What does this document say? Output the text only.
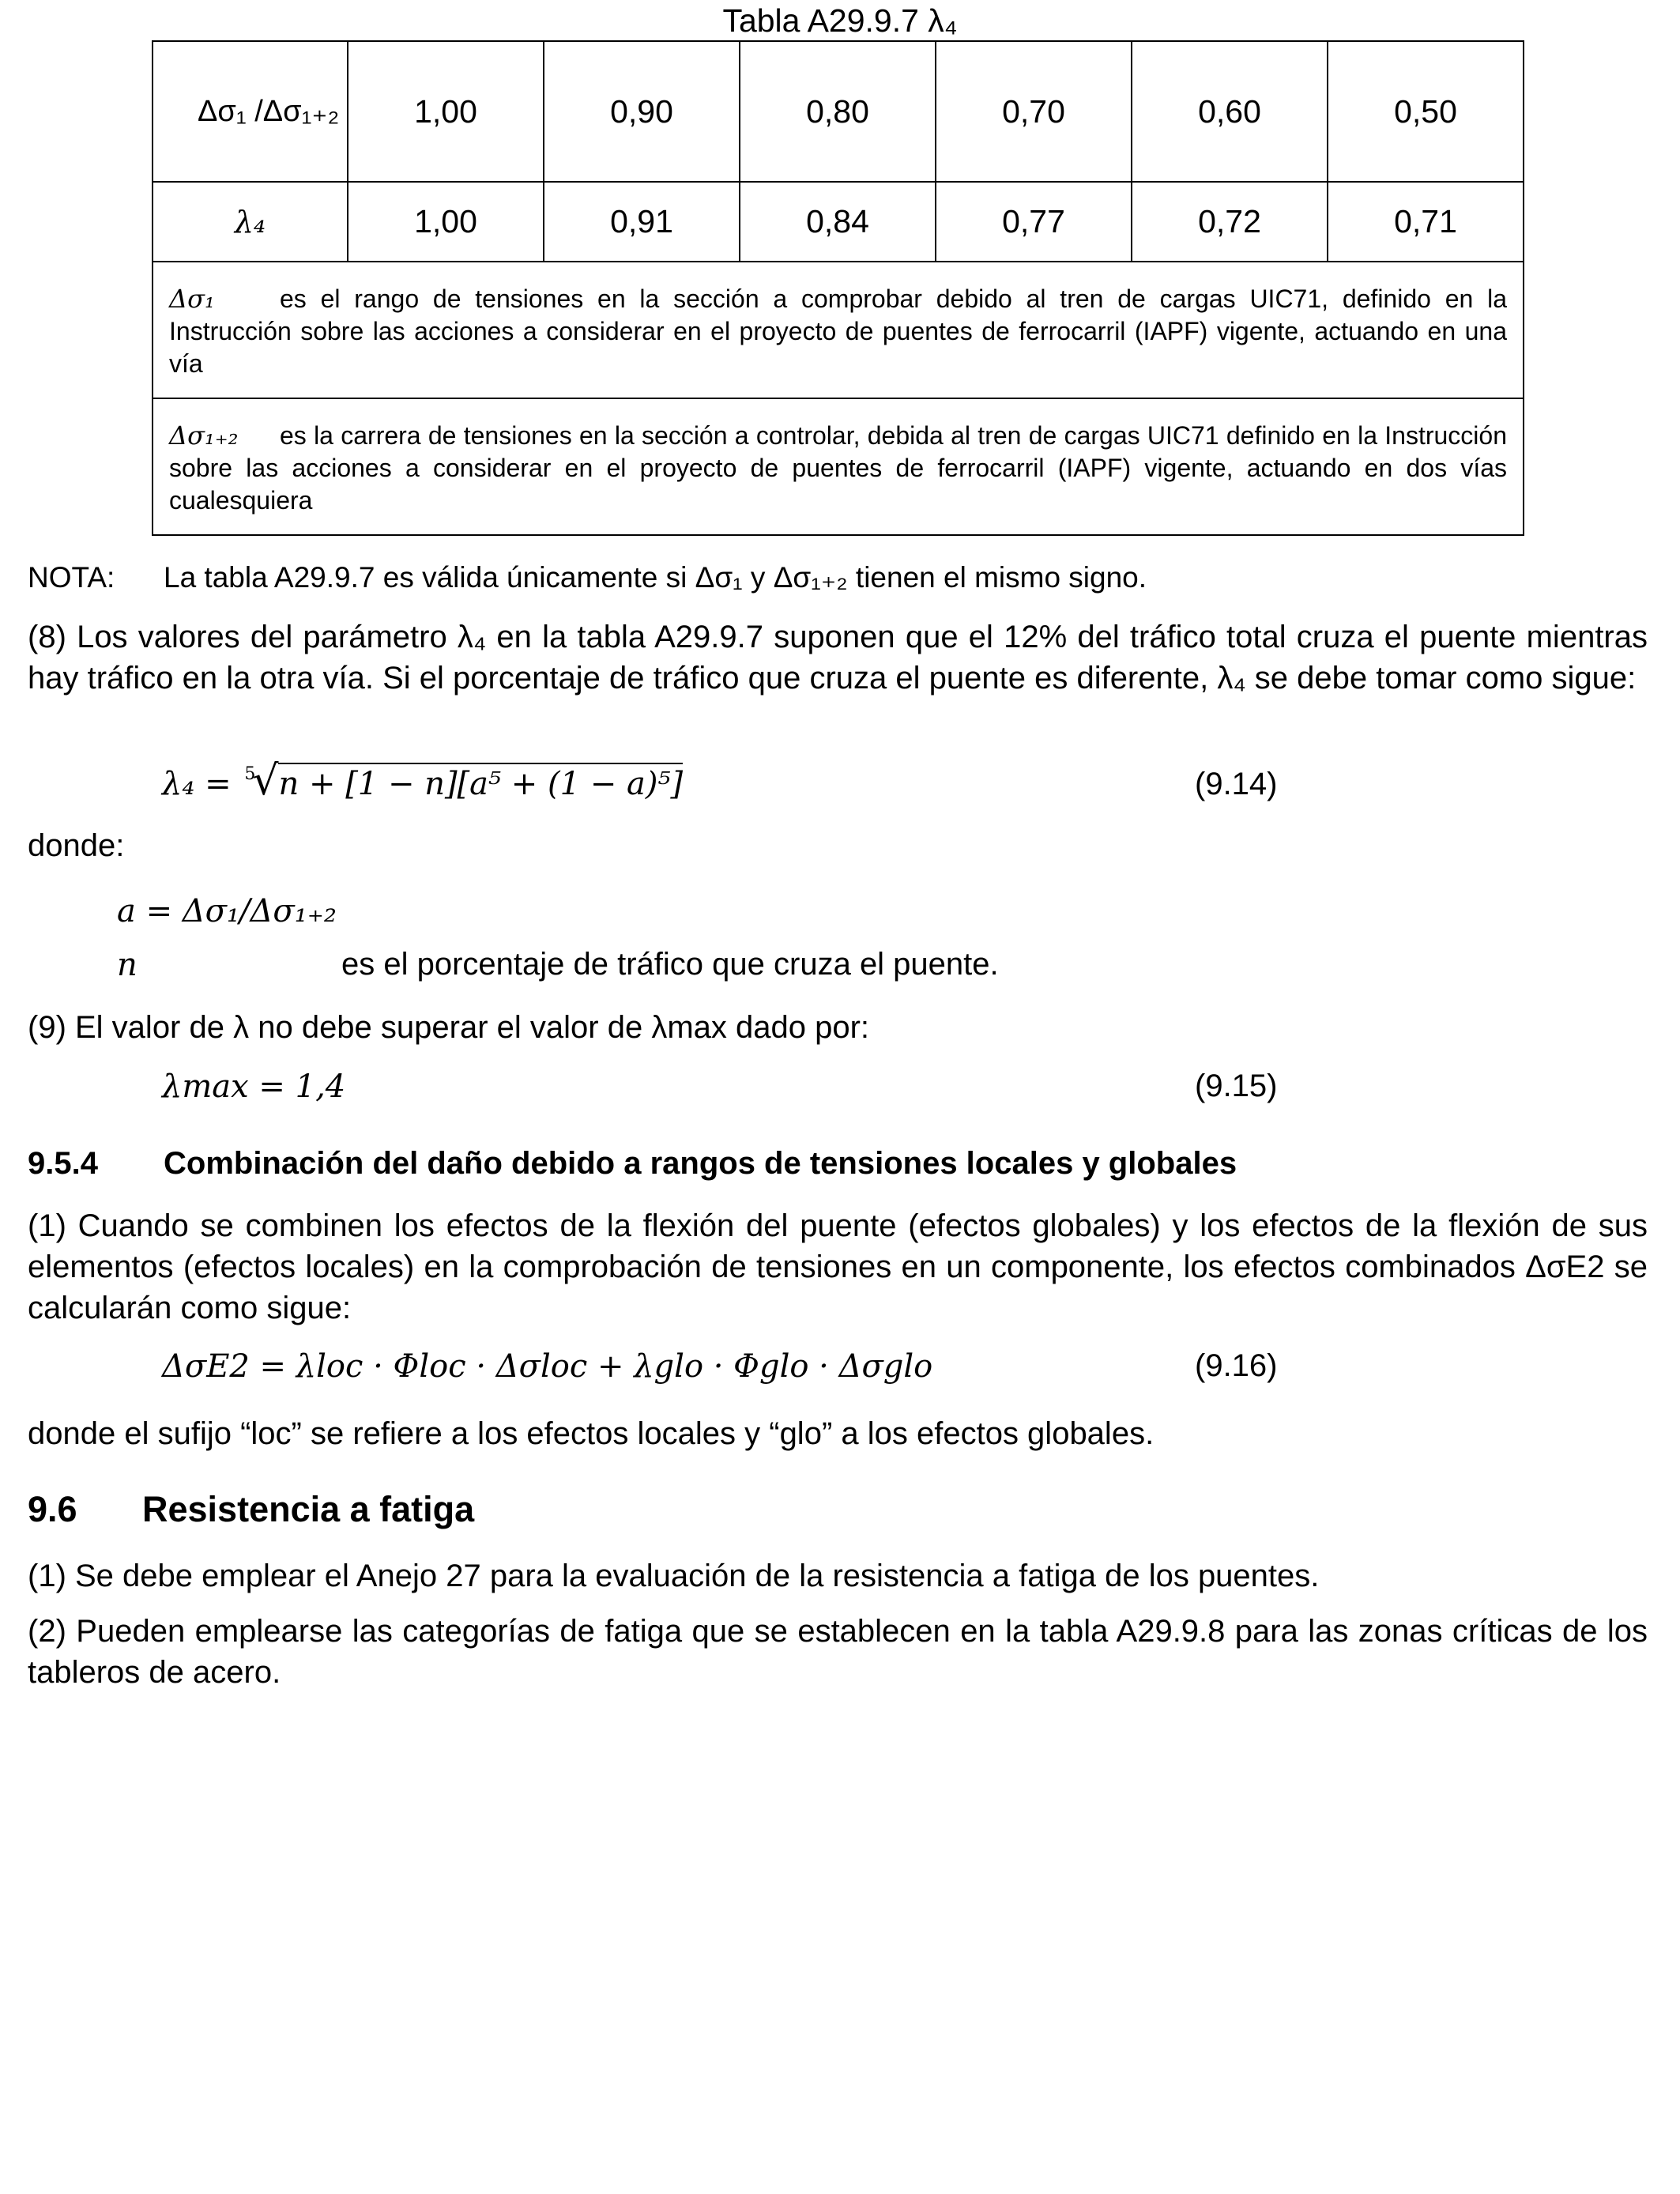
Tabla A29.9.7 λ₄
Δσ₁ /Δσ₁₊₂	1,00	0,90	0,80	0,70	0,60	0,50
λ₄	1,00	0,91	0,84	0,77	0,72	0,71
Δσ₁ es el rango de tensiones en la sección a comprobar debido al tren de cargas UIC71, definido en la Instrucción sobre las acciones a considerar en el proyecto de puentes de ferrocarril (IAPF) vigente, actuando en una vía						
Δσ₁₊₂ es la carrera de tensiones en la sección a controlar, debida al tren de cargas UIC71 definido en la Instrucción sobre las acciones a considerar en el proyecto de puentes de ferrocarril (IAPF) vigente, actuando en dos vías cualesquiera						
NOTA: La tabla A29.9.7 es válida únicamente si Δσ₁ y Δσ₁₊₂ tienen el mismo signo.
(8) Los valores del parámetro λ₄ en la tabla A29.9.7 suponen que el 12% del tráfico total cruza el puente mientras hay tráfico en la otra vía. Si el porcentaje de tráfico que cruza el puente es diferente, λ₄ se debe tomar como sigue:
λ₄ = 5
√n + [1 − n][a⁵ + (1 − a)⁵]	(9.14)
donde:
a = Δσ₁/Δσ₁₊₂
n	es el porcentaje de tráfico que cruza el puente.
(9) El valor de λ no debe superar el valor de λmax dado por:
λmax = 1,4	(9.15)
9.5.4 Combinación del daño debido a rangos de tensiones locales y globales
(1) Cuando se combinen los efectos de la flexión del puente (efectos globales) y los efectos de la flexión de sus elementos (efectos locales) en la comprobación de tensiones en un componente, los efectos combinados ΔσE2 se calcularán como sigue:
ΔσE2 = λloc · Φloc · Δσloc + λglo · Φglo · Δσglo	(9.16)
donde el sufijo “loc” se refiere a los efectos locales y “glo” a los efectos globales.
9.6 Resistencia a fatiga
(1) Se debe emplear el Anejo 27 para la evaluación de la resistencia a fatiga de los puentes.
(2) Pueden emplearse las categorías de fatiga que se establecen en la tabla A29.9.8 para las zonas críticas de los tableros de acero.
